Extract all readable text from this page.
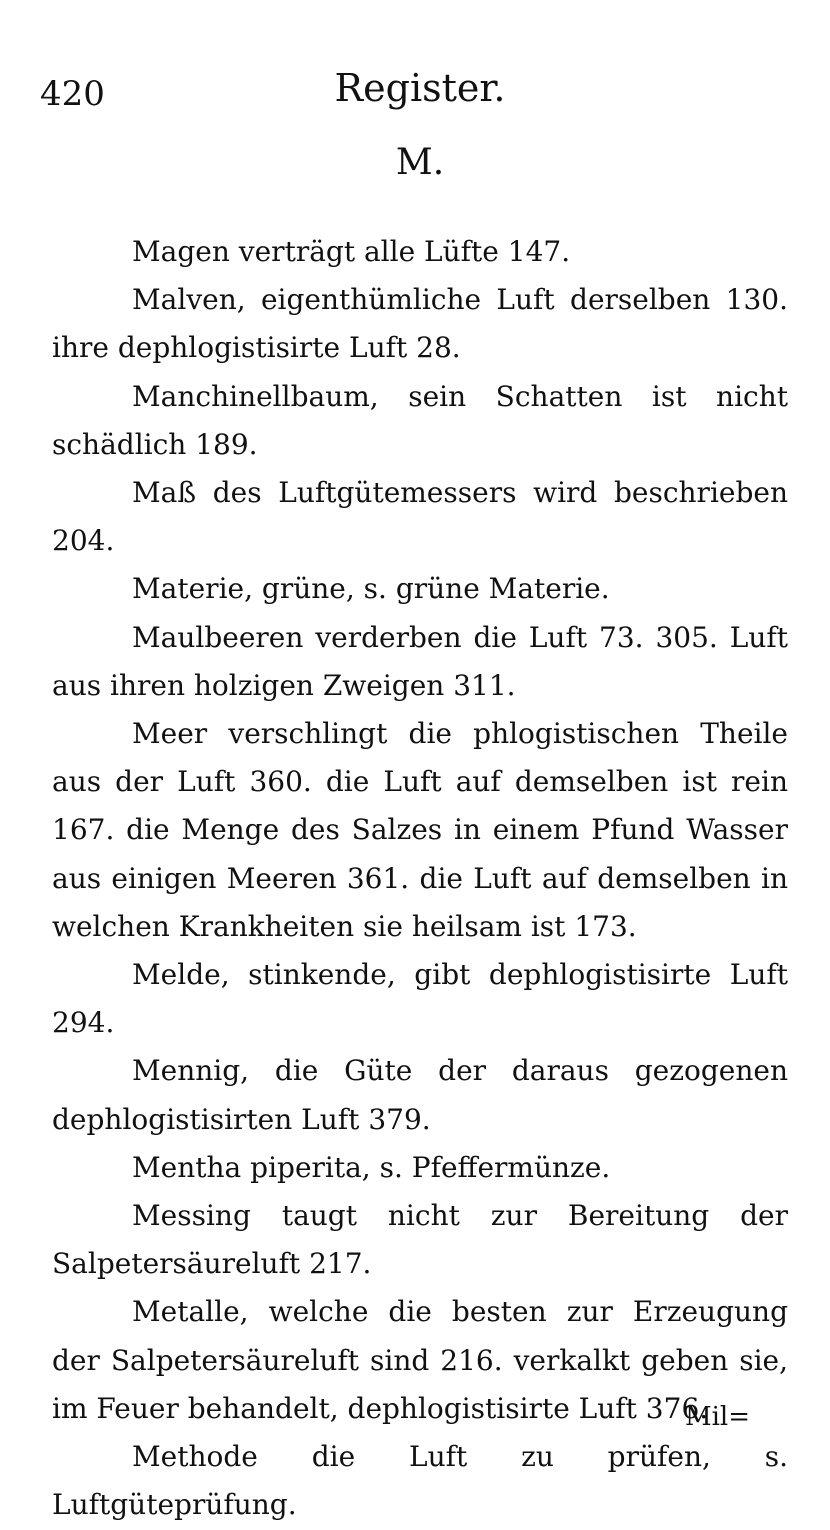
420	Register.
M.

Magen verträgt alle Lüfte 147.

Malven, eigenthümliche Luft derselben 130. ihre dephlogistisirte Luft 28.

Manchinellbaum, sein Schatten ist nicht schädlich 189.

Maß des Luftgütemessers wird beschrieben 204.

Materie, grüne, s. grüne Materie.

Maulbeeren verderben die Luft 73. 305. Luft aus ihren holzigen Zweigen 311.

Meer verschlingt die phlogistischen Theile aus der Luft 360. die Luft auf demselben ist rein 167. die Menge des Salzes in einem Pfund Wasser aus einigen Meeren 361. die Luft auf demselben in welchen Krankheiten sie heilsam ist 173.

Melde, stinkende, gibt dephlogistisirte Luft 294.

Mennig, die Güte der daraus gezogenen dephlogistisirten Luft 379.

Mentha piperita, s. Pfeffermünze.

Messing taugt nicht zur Bereitung der Salpetersäureluft 217.

Metalle, welche die besten zur Erzeugung der Salpetersäureluft sind 216. verkalkt geben sie, im Feuer behandelt, dephlogistisirte Luft 376.

Methode die Luft zu prüfen, s. Luftgüteprüfung.

Mil=
